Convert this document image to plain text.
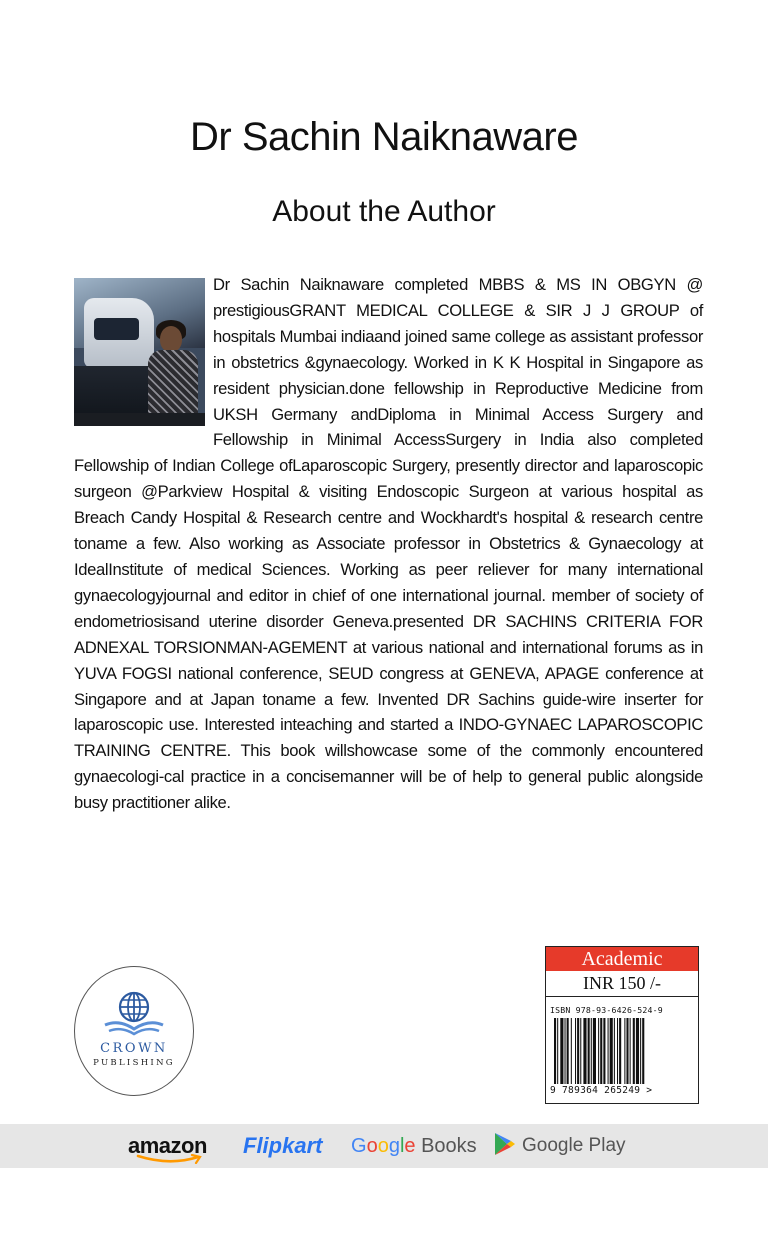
Dr Sachin Naiknaware
About the Author
Dr Sachin Naiknaware completed MBBS & MS IN OBGYN @ prestigiousGRANT MEDICAL COLLEGE & SIR J J GROUP of hospitals Mumbai indiaand joined same college as assistant professor in obstetrics &gynaecology. Worked in K K Hospital in Singapore as resident physician.done fellowship in Reproductive Medicine from UKSH Germany andDiploma in Minimal Access Surgery and Fellowship in Minimal AccessSurgery in India also completed Fellowship of Indian College ofLaparoscopic Surgery, presently director and laparoscopic surgeon @Parkview Hospital & visiting Endoscopic Surgeon at various hospital as Breach Candy Hospital & Research centre and Wockhardt's hospital & research centre toname a few. Also working as Associate professor in Obstetrics & Gynaecology at IdealInstitute of medical Sciences. Working as peer reliever for many international gynaecologyjournal and editor in chief of one international journal. member of society of endometriosisand uterine disorder Geneva.presented DR SACHINS CRITERIA FOR ADNEXAL TORSIONMAN-AGEMENT at various national and international forums as in YUVA FOGSI national conference, SEUD congress at GENEVA, APAGE conference at Singapore and at Japan toname a few. Invented DR Sachins guide-wire inserter for laparoscopic use. Interested inteaching and started a INDO-GYNAEC LAPAROSCOPIC TRAINING CENTRE. This book willshowcase some of the commonly encountered gynaecologi-cal practice in a concisemanner will be of help to general public alongside busy practitioner alike.
CROWN
PUBLISHING
Academic
INR 150 /-
ISBN 978-93-6426-524-9
9 789364 265249 >
amazon Flipkart Google Books	Google Play
